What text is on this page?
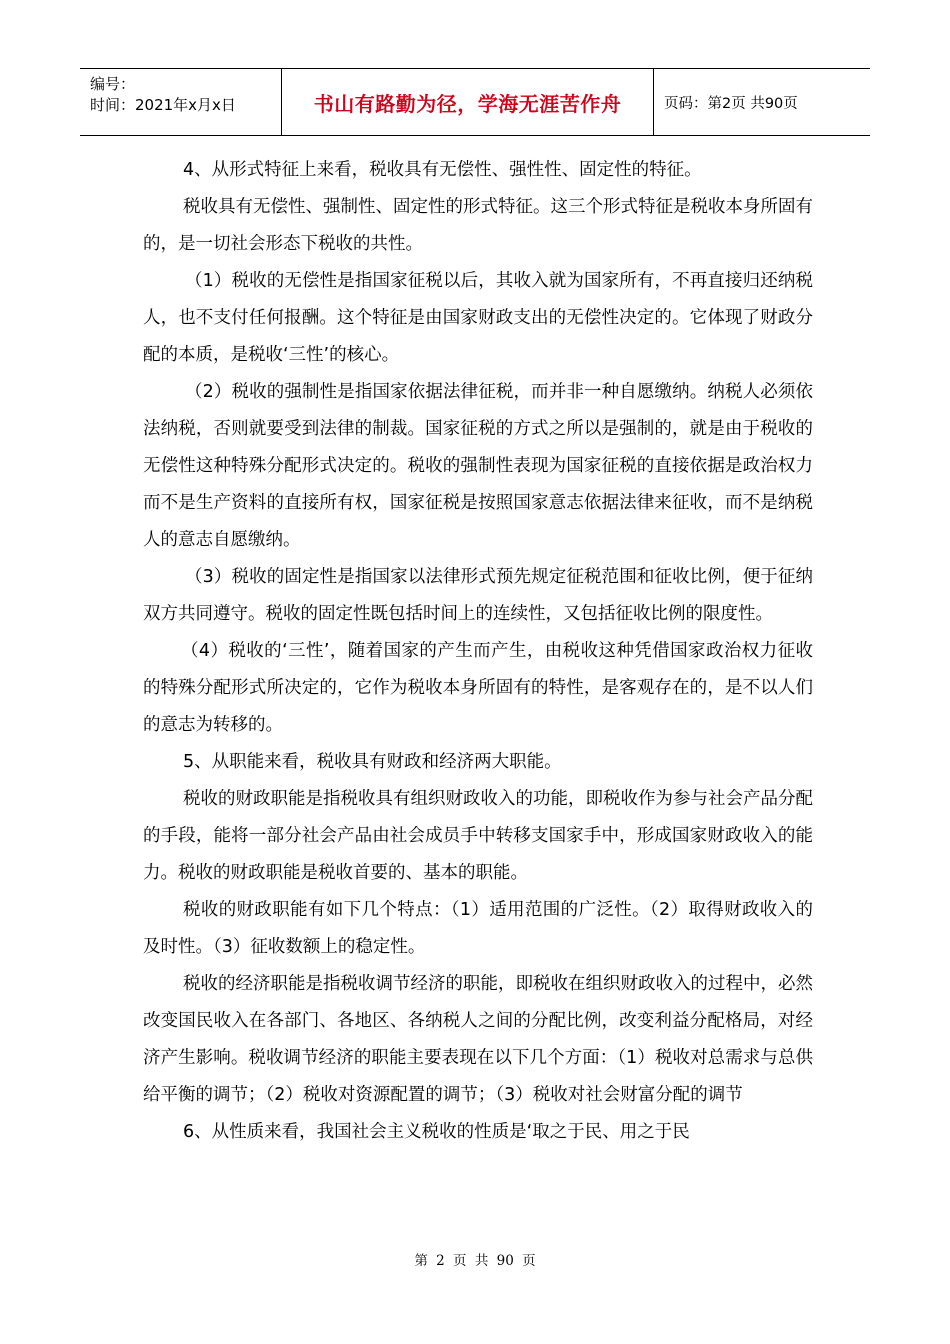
编号：
时间：2021年x月x日	书山有路勤为径，学海无涯苦作舟	页码：第2页 共90页

4、从形式特征上来看，税收具有无偿性、强性性、固定性的特征。

税收具有无偿性、强制性、固定性的形式特征。这三个形式特征是税收本身所固有的，是一切社会形态下税收的共性。

（1）税收的无偿性是指国家征税以后，其收入就为国家所有，不再直接归还纳税人，也不支付任何报酬。这个特征是由国家财政支出的无偿性决定的。它体现了财政分配的本质，是税收‘三性’的核心。

（2）税收的强制性是指国家依据法律征税，而并非一种自愿缴纳。纳税人必须依法纳税，否则就要受到法律的制裁。国家征税的方式之所以是强制的，就是由于税收的无偿性这种特殊分配形式决定的。税收的强制性表现为国家征税的直接依据是政治权力而不是生产资料的直接所有权，国家征税是按照国家意志依据法律来征收，而不是纳税人的意志自愿缴纳。

（3）税收的固定性是指国家以法律形式预先规定征税范围和征收比例，便于征纳双方共同遵守。税收的固定性既包括时间上的连续性，又包括征收比例的限度性。

（4）税收的‘三性’，随着国家的产生而产生，由税收这种凭借国家政治权力征收的特殊分配形式所决定的，它作为税收本身所固有的特性，是客观存在的，是不以人们的意志为转移的。

5、从职能来看，税收具有财政和经济两大职能。

税收的财政职能是指税收具有组织财政收入的功能，即税收作为参与社会产品分配的手段，能将一部分社会产品由社会成员手中转移支国家手中，形成国家财政收入的能力。税收的财政职能是税收首要的、基本的职能。

税收的财政职能有如下几个特点：（1）适用范围的广泛性。（2）取得财政收入的及时性。（3）征收数额上的稳定性。

税收的经济职能是指税收调节经济的职能，即税收在组织财政收入的过程中，必然改变国民收入在各部门、各地区、各纳税人之间的分配比例，改变利益分配格局，对经济产生影响。税收调节经济的职能主要表现在以下几个方面：（1）税收对总需求与总供给平衡的调节；（2）税收对资源配置的调节；（3）税收对社会财富分配的调节

6、从性质来看，我国社会主义税收的性质是‘取之于民、用之于民

第 2 页 共 90 页
